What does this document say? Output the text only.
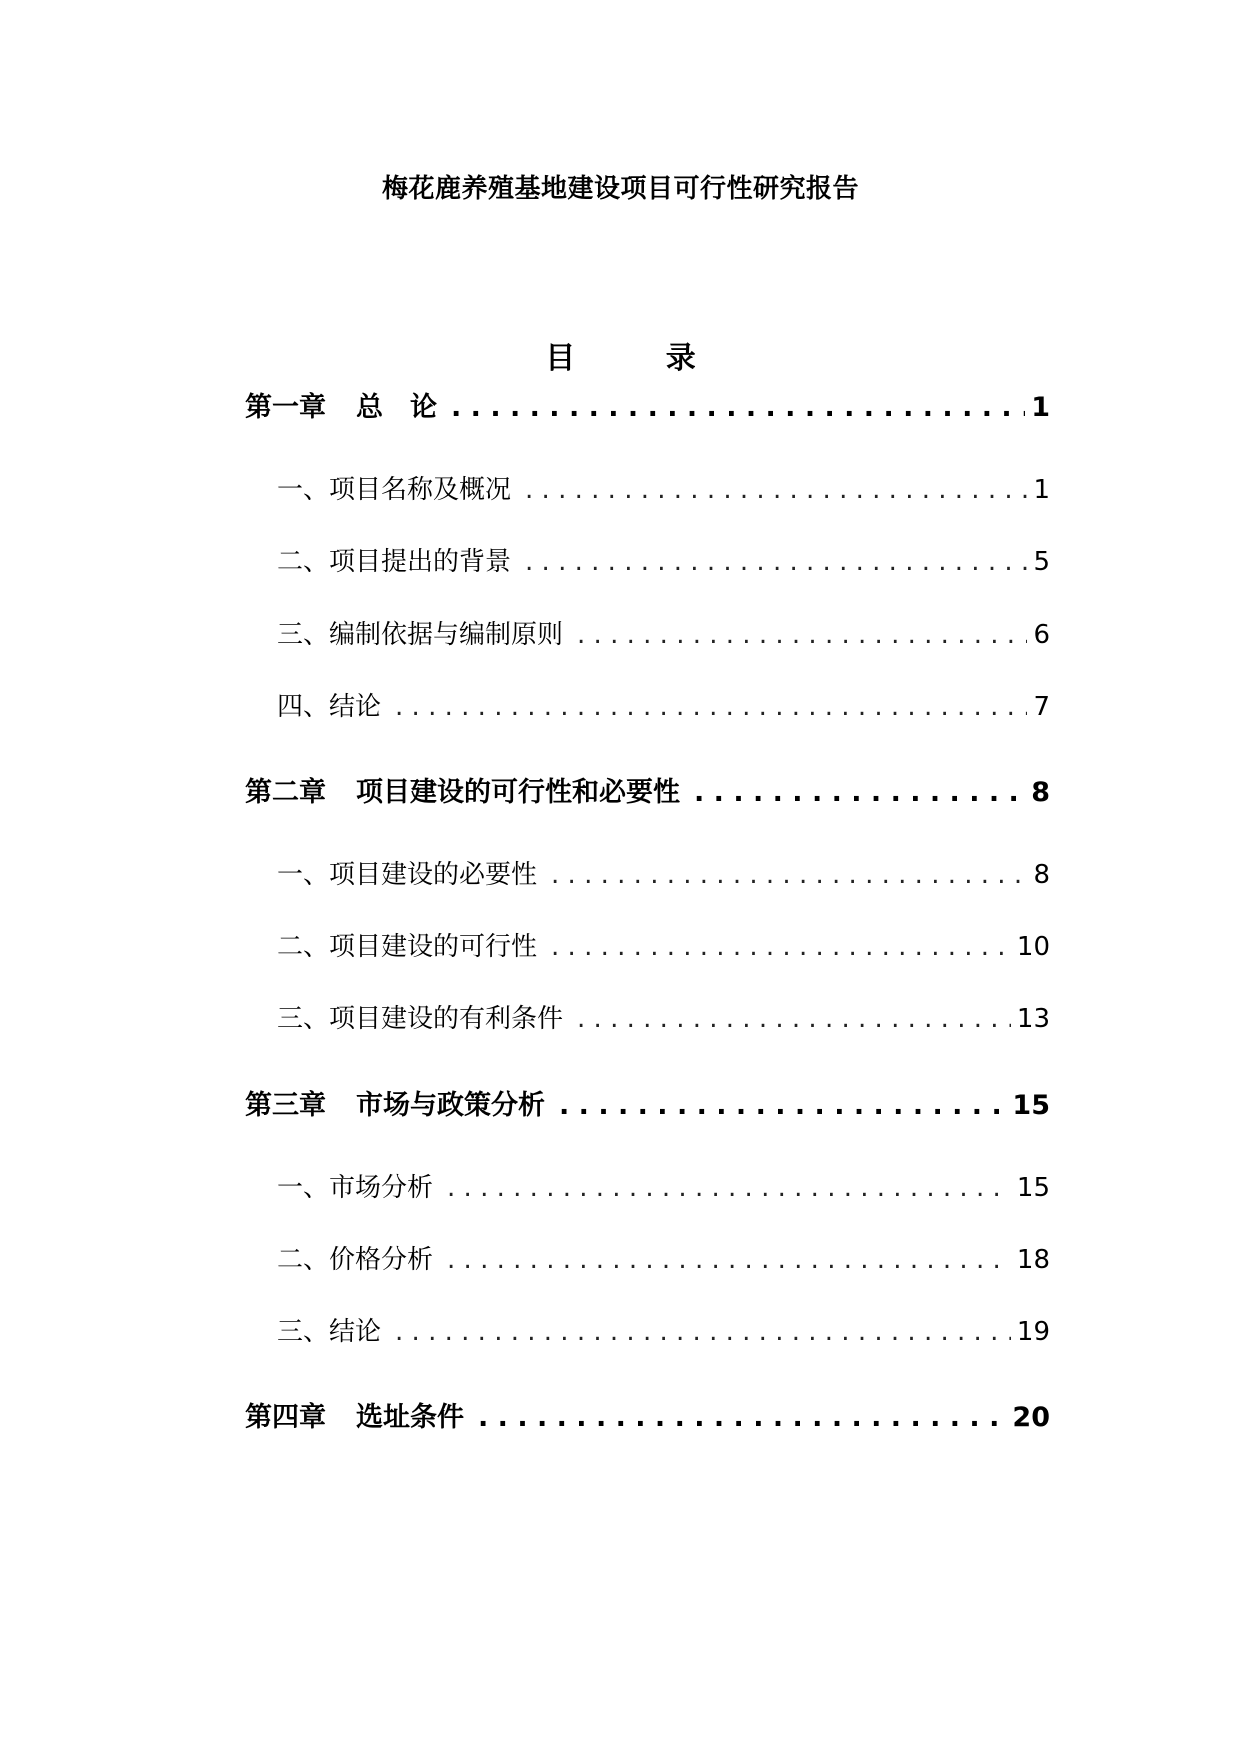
梅花鹿养殖基地建设项目可行性研究报告
目 录
第一章 总　论 . . .	1
一、项目名称及概况 . . .	1
二、项目提出的背景 . . .	5
三、编制依据与编制原则 . . .	6
四、结论 . . .	7
第二章 项目建设的可行性和必要性 . . .	8
一、项目建设的必要性 . . .	8
二、项目建设的可行性 . . .	10
三、项目建设的有利条件 . . .	13
第三章 市场与政策分析 . . .	15
一、市场分析 . . .	15
二、价格分析 . . .	18
三、结论 . . .	19
第四章 选址条件 . . .	20
